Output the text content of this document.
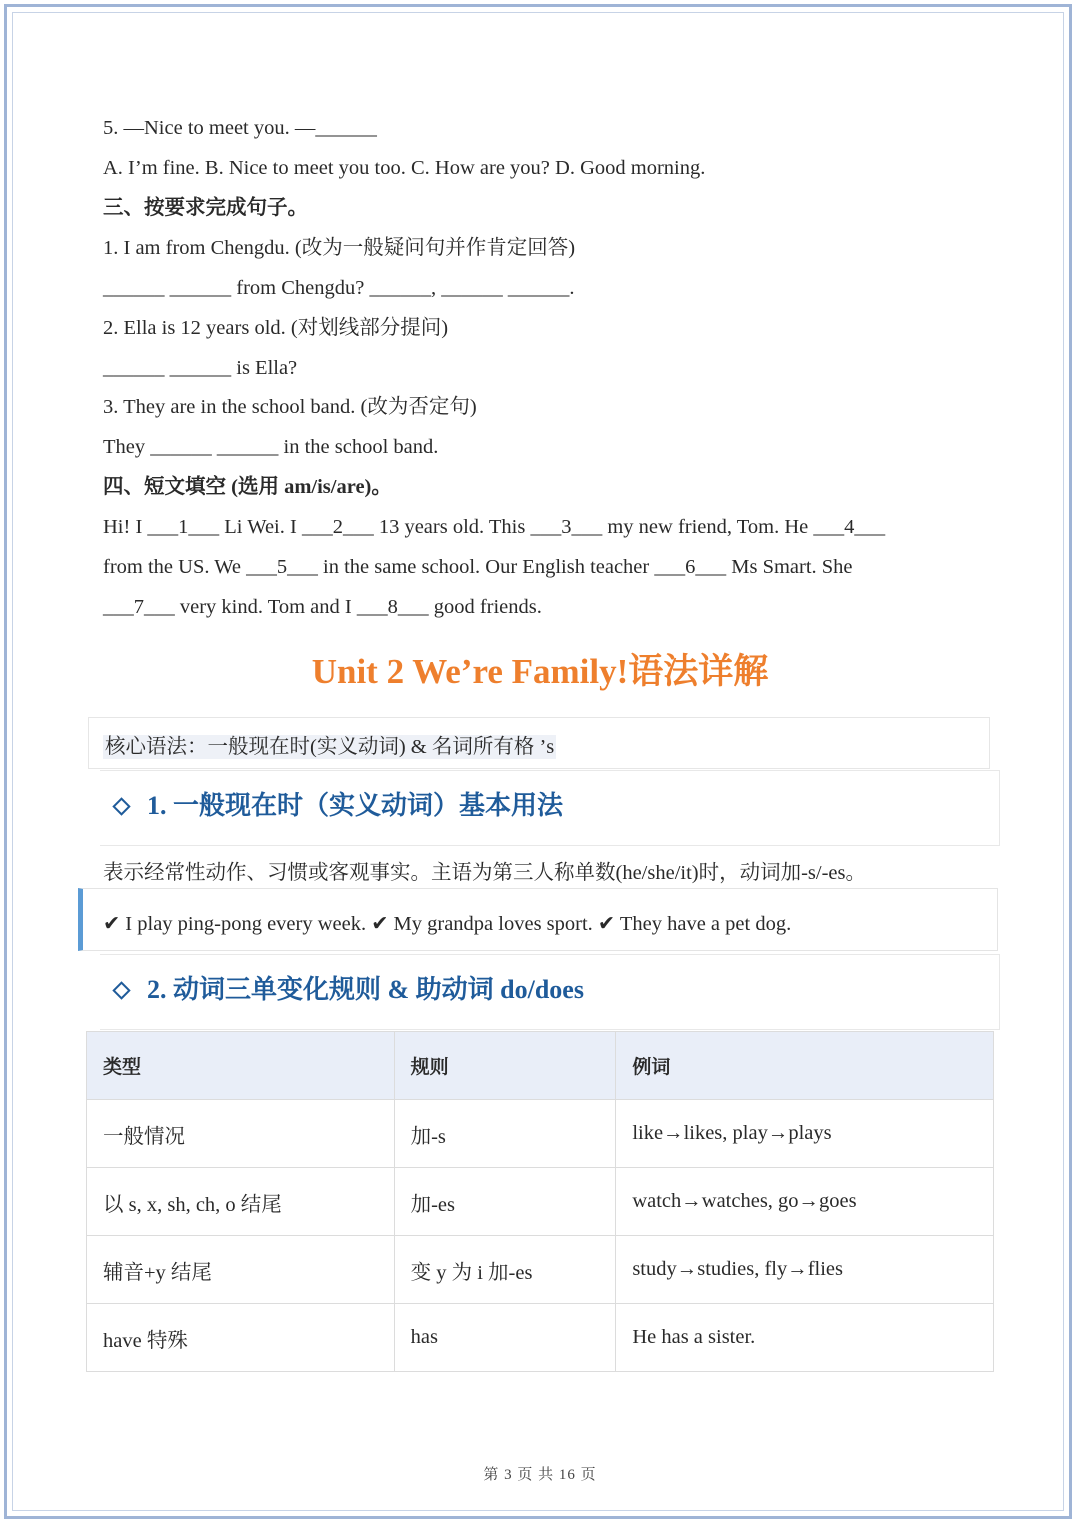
5. —Nice to meet you. —______
A. I’m fine. B. Nice to meet you too. C. How are you? D. Good morning.
三、按要求完成句子。
1. I am from Chengdu. (改为一般疑问句并作肯定回答)
______ ______ from Chengdu? ______, ______ ______.
2. Ella is 12 years old. (对划线部分提问)
______ ______ is Ella?
3. They are in the school band. (改为否定句)
They ______ ______ in the school band.
四、短文填空 (选用 am/is/are)。
Hi! I ___1___ Li Wei. I ___2___ 13 years old. This ___3___ my new friend, Tom. He ___4___
from the US. We ___5___ in the same school. Our English teacher ___6___ Ms Smart. She
___7___ very kind. Tom and I ___8___ good friends.
Unit 2 We’re Family!语法详解
核心语法：一般现在时(实义动词) & 名词所有格 ’s
1. 一般现在时（实义动词）基本用法
表示经常性动作、习惯或客观事实。主语为第三人称单数(he/she/it)时，动词加-s/-es。
✔ I play ping-pong every week. ✔ My grandpa loves sport. ✔ They have a pet dog.
2. 动词三单变化规则 & 助动词 do/does
类型	规则	例词
一般情况	加-s	like→likes, play→plays
以 s, x, sh, ch, o 结尾	加-es	watch→watches, go→goes
辅音+y 结尾	变 y 为 i 加-es	study→studies, fly→flies
have 特殊	has	He has a sister.
第 3 页 共 16 页
